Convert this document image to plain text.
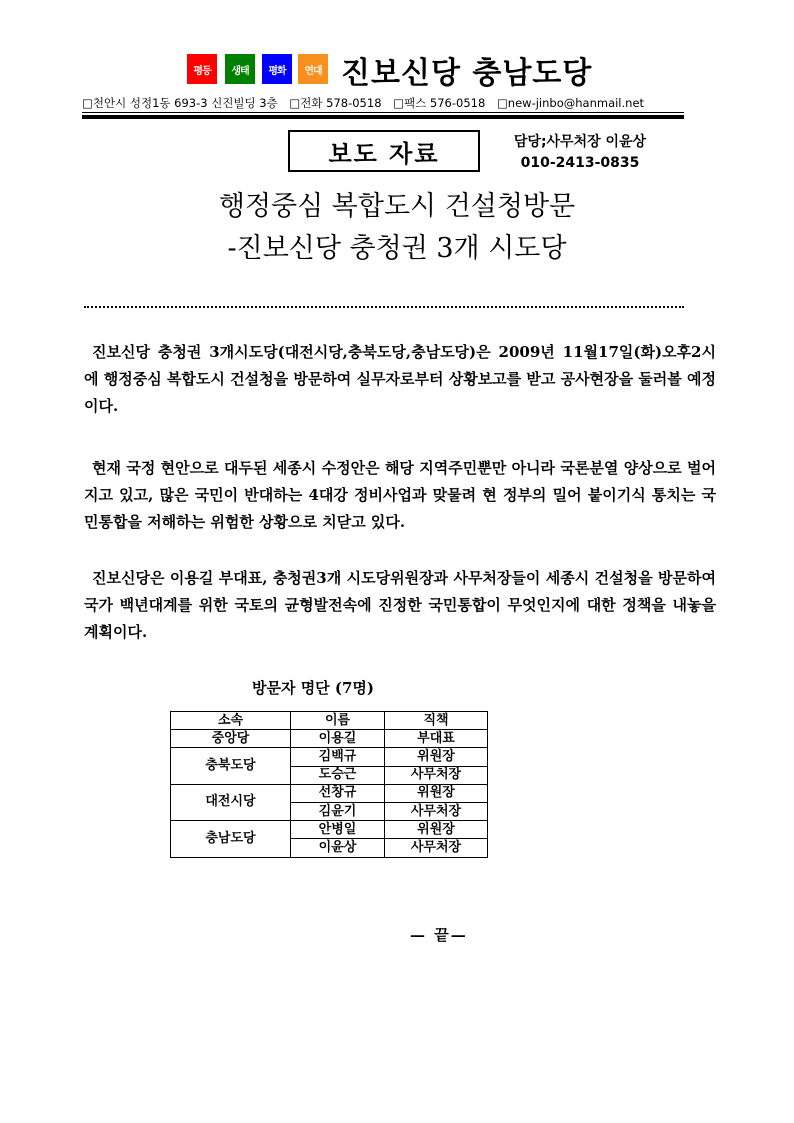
평등	생태	평화	연대 진보신당 충남도당
□천안시 성정1동 693-3 신진빌딩 3층 □전화 578-0518 □팩스 576-0518 □new-jinbo@hanmail.net
보도 자료	담당;사무처장 이윤상
010-2413-0835
행정중심 복합도시 건설청방문
-진보신당 충청권 3개 시도당
진보신당 충청권 3개시도당(대전시당,충북도당,충남도당)은 2009년 11월17일(화)오후2시에 행정중심 복합도시 건설청을 방문하여 실무자로부터 상황보고를 받고 공사현장을 둘러볼 예정이다.
현재 국정 현안으로 대두된 세종시 수정안은 해당 지역주민뿐만 아니라 국론분열 양상으로 벌어지고 있고, 많은 국민이 반대하는 4대강 정비사업과 맞물려 현 정부의 밀어 붙이기식 통치는 국민통합을 저해하는 위험한 상황으로 치닫고 있다.
진보신당은 이용길 부대표, 충청권3개 시도당위원장과 사무처장들이 세종시 건설청을 방문하여 국가 백년대계를 위한 국토의 균형발전속에 진정한 국민통합이 무엇인지에 대한 정책을 내놓을 계획이다.
방문자 명단 (7명)
소속	이름	직책
중앙당	이용길	부대표
충북도당	김백규	위원장
	도승근	사무처장
대전시당	선창규	위원장
	김윤기	사무처장
충남도당	안병일	위원장
	이윤상	사무처장
— 끝—
